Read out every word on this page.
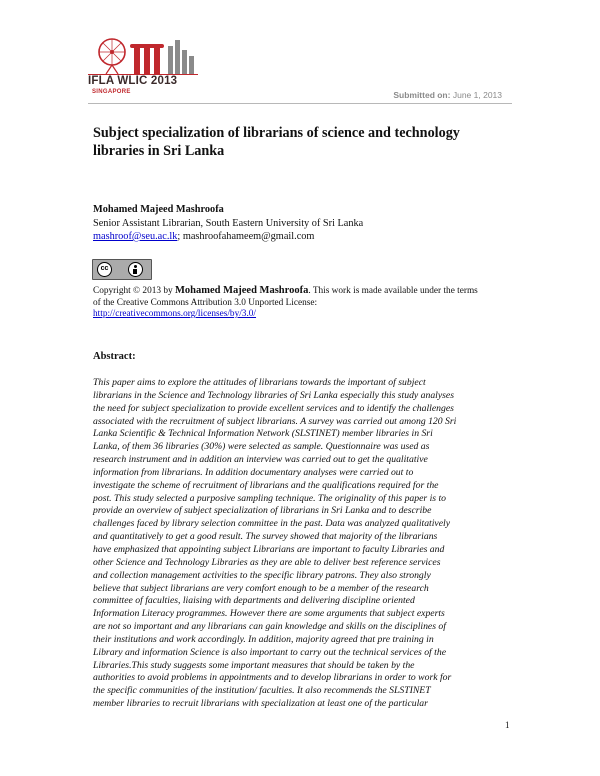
IFLA WLIC 2013
SINGAPORE	Submitted on: June 1, 2013
Subject specialization of librarians of science and technology
libraries in Sri Lanka
Mohamed Majeed Mashroofa
Senior Assistant Librarian, South Eastern University of Sri Lanka
mashroof@seu.ac.lk; mashroofahameem@gmail.com
cc
Copyright © 2013 by Mohamed Majeed Mashroofa. This work is made available under the terms
of the Creative Commons Attribution 3.0 Unported License:
http://creativecommons.org/licenses/by/3.0/
Abstract:
This paper aims to explore the attitudes of librarians towards the important of subject
librarians in the Science and Technology libraries of Sri Lanka especially this study analyses
the need for subject specialization to provide excellent services and to identify the challenges
associated with the recruitment of subject librarians. A survey was carried out among 120 Sri
Lanka Scientific & Technical Information Network (SLSTINET) member libraries in Sri
Lanka, of them 36 libraries (30%) were selected as sample. Questionnaire was used as
research instrument and in addition an interview was carried out to get the qualitative
information from librarians. In addition documentary analyses were carried out to
investigate the scheme of recruitment of librarians and the qualifications required for the
post. This study selected a purposive sampling technique. The originality of this paper is to
provide an overview of subject specialization of librarians in Sri Lanka and to describe
challenges faced by library selection committee in the past. Data was analyzed qualitatively
and quantitatively to get a good result. The survey showed that majority of the librarians
have emphasized that appointing subject Librarians are important to faculty Libraries and
other Science and Technology Libraries as they are able to deliver best reference services
and collection management activities to the specific library patrons. They also strongly
believe that subject librarians are very comfort enough to be a member of the research
committee of faculties, liaising with departments and delivering discipline oriented
Information Literacy programmes. However there are some arguments that subject experts
are not so important and any librarians can gain knowledge and skills on the disciplines of
their institutions and work accordingly. In addition, majority agreed that pre training in
Library and information Science is also important to carry out the technical services of the
Libraries.This study suggests some important measures that should be taken by the
authorities to avoid problems in appointments and to develop librarians in order to work for
the specific communities of the institution/ faculties. It also recommends the SLSTINET
member libraries to recruit librarians with specialization at least one of the particular
1
